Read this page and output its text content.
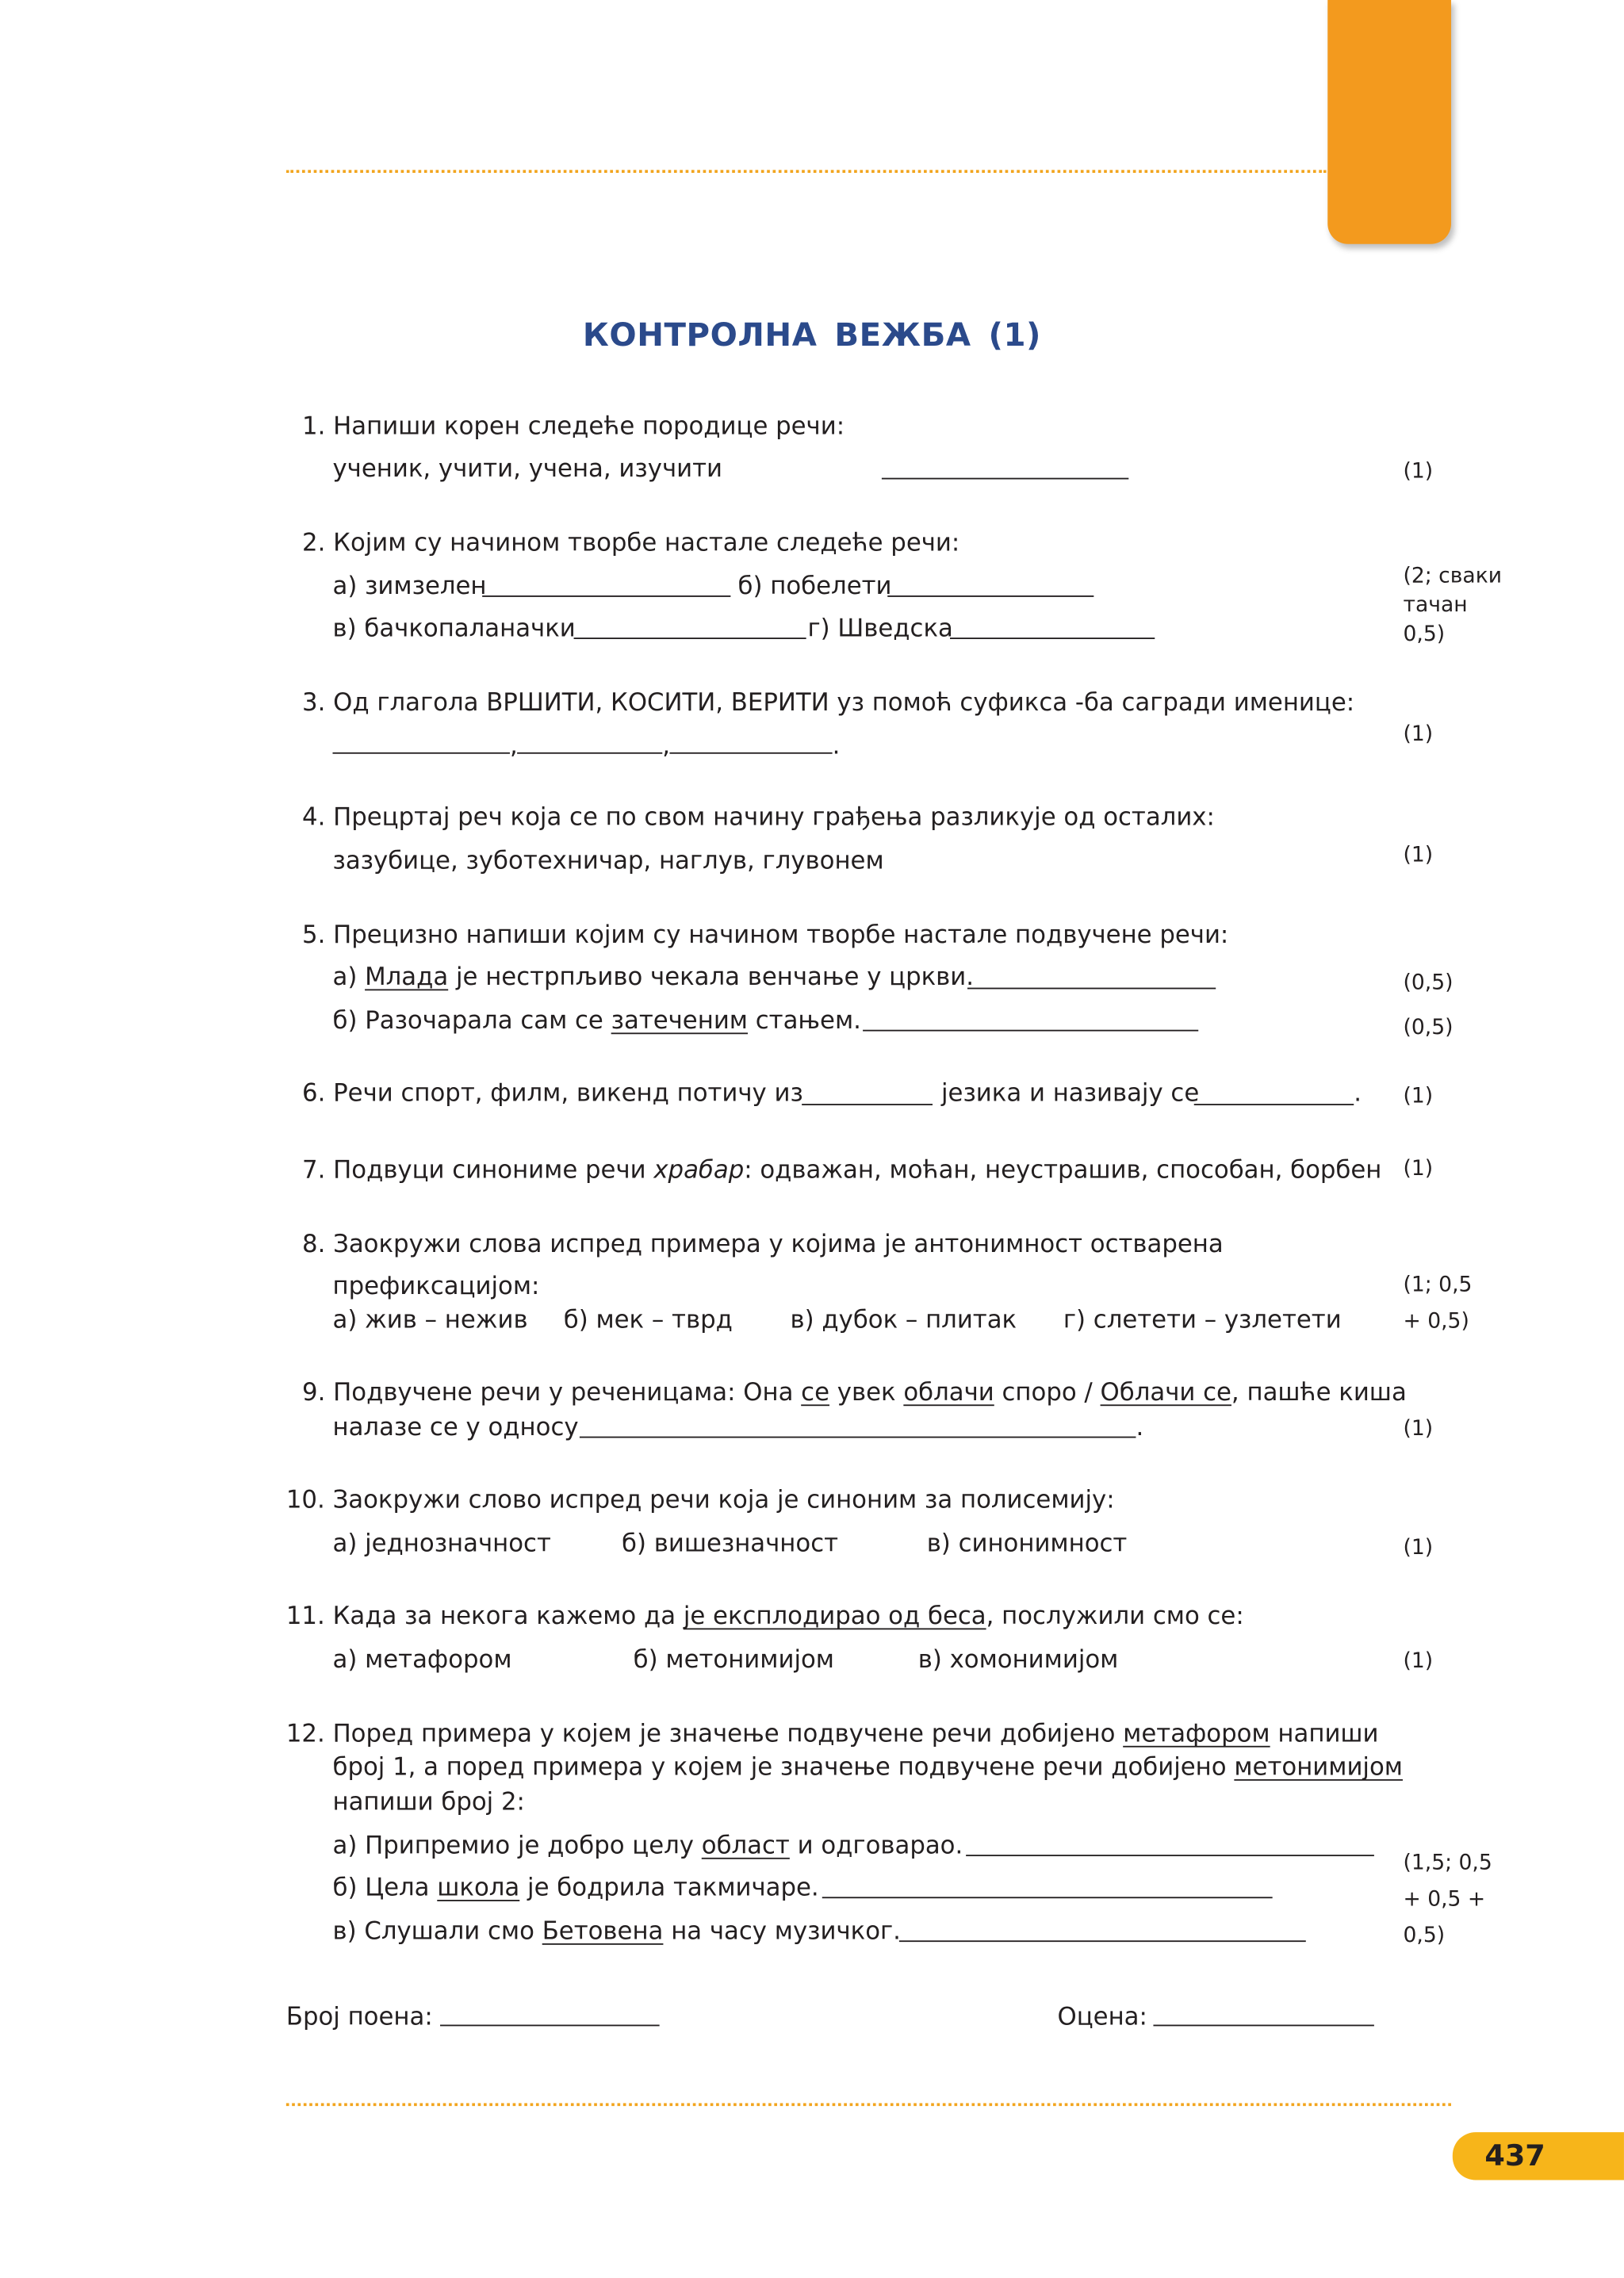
КОНТРОЛНА ВЕЖБА (1)
1. Напиши корен следеће породице речи:
ученик, учити, учена, изучити	(1)
2. Којим су начином творбе настале следеће речи:
а) зимзелен	б) побелети
в) бачкопаланачки	г) Шведска
(2; сваки
тачан
0,5)
3. Од глагола ВРШИТИ, КОСИТИ, ВЕРИТИ уз помоћ суфикса -ба сагради именице:
,	,	.	(1)
4. Прецртај реч која се по свом начину грађења разликује од осталих:
зазубице, зуботехничар, наглув, глувонем	(1)
5. Прецизно напиши којим су начином творбе настале подвучене речи:
а) Млада је нестрпљиво чекала венчање у цркви.
б) Разочарала сам се затеченим стањем.
(0,5)
(0,5)
6. Речи спорт, филм, викенд потичу из	језика и називају се	.	(1)
7. Подвуци синониме речи храбар: одважан, моћан, неустрашив, способан, борбен (1)
8. Заокружи слова испред примера у којима је антонимност остварена
префиксацијом:
а) жив – нежив	б) мек – тврд	в) дубок – плитак	г) слетети – узлетети
(1; 0,5
+ 0,5)
9. Подвучене речи у реченицама: Она се увек облачи споро / Облачи се, пашће киша
налазе се у односу	.	(1)
10. Заокружи слово испред речи која је синоним за полисемију:
а) једнозначност	б) вишезначност	в) синонимност	(1)
11. Када за некога кажемо да је експлодирао од беса, послужили смо се:
а) метафором	б) метонимијом	в) хомонимијом	(1)
12. Поред примера у којем је значење подвучене речи добијено метафором напиши
број 1, а поред примера у којем је значење подвучене речи добијено метонимијом
напиши број 2:
а) Припремио је добро целу област и одговарао.
б) Цела школа је бодрила такмичаре.
в) Слушали смо Бетовена на часу музичког.
(1,5; 0,5
+ 0,5 +
0,5)
Број поена:	Оцена:
437
